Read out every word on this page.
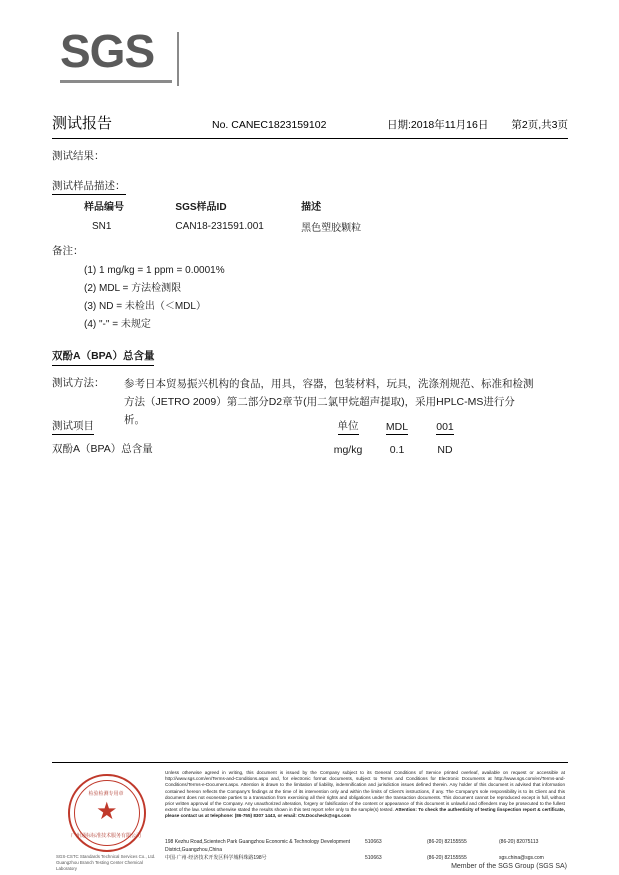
SGS
测试报告	No. CANEC1823159102	日期:2018年11月16日	第2页,共3页
测试结果：
测试样品描述：
样品编号	SGS样品ID	描述
SN1	CAN18-231591.001	黑色塑胶颗粒
备注：
(1) 1 mg/kg = 1 ppm = 0.0001%
(2) MDL = 方法检测限
(3) ND = 未检出（＜MDL）
(4) "-" = 未规定
双酚A（BPA）总含量
测试方法： 参考日本贸易振兴机构的食品，用具，容器，包装材料，玩具，洗涤剂规范、标准和检测方法（JETRO 2009）第二部分D2章节(用二氯甲烷超声提取)，采用HPLC-MS进行分析。
测试项目	单位	MDL	001
双酚A（BPA）总含量	mg/kg	0.1	ND
★
检验检测专用章
广州通标标准技术服务有限公司
SGS-CSTC Standards Technical Services Co., Ltd.
Guangzhou Branch Testing Center Chemical Laboratory
Unless otherwise agreed in writing, this document is issued by the Company subject to its General Conditions of Service printed overleaf, available on request or accessible at http://www.sgs.com/en/Terms-and-Conditions.aspx and, for electronic format documents, subject to Terms and Conditions for Electronic Documents at http://www.sgs.com/en/Terms-and-Conditions/Terms-e-Document.aspx. Attention is drawn to the limitation of liability, indemnification and jurisdiction issues defined therein. Any holder of this document is advised that information contained hereon reflects the Company's findings at the time of its intervention only and within the limits of Client's instructions, if any. The Company's sole responsibility is to its Client and this document does not exonerate parties to a transaction from exercising all their rights and obligations under the transaction documents. This document cannot be reproduced except in full, without prior written approval of the Company. Any unauthorized alteration, forgery or falsification of the content or appearance of this document is unlawful and offenders may be prosecuted to the fullest extent of the law. Unless otherwise stated the results shown in this test report refer only to the sample(s) tested. Attention: To check the authenticity of testing /inspection report & certificate, please contact us at telephone: (86-755) 8307 1443, or email: CN.Doccheck@sgs.com
198 Kezhu Road,Scientech Park Guangzhou Economic & Technology Development District,Guangzhou,China
510663	(86-20) 82155555	(86-20) 82075113
中国·广州·经济技术开发区科学城科珠路198号	510663	(86-20) 82155555	sgs.china@sgs.com
Member of the SGS Group (SGS SA)
